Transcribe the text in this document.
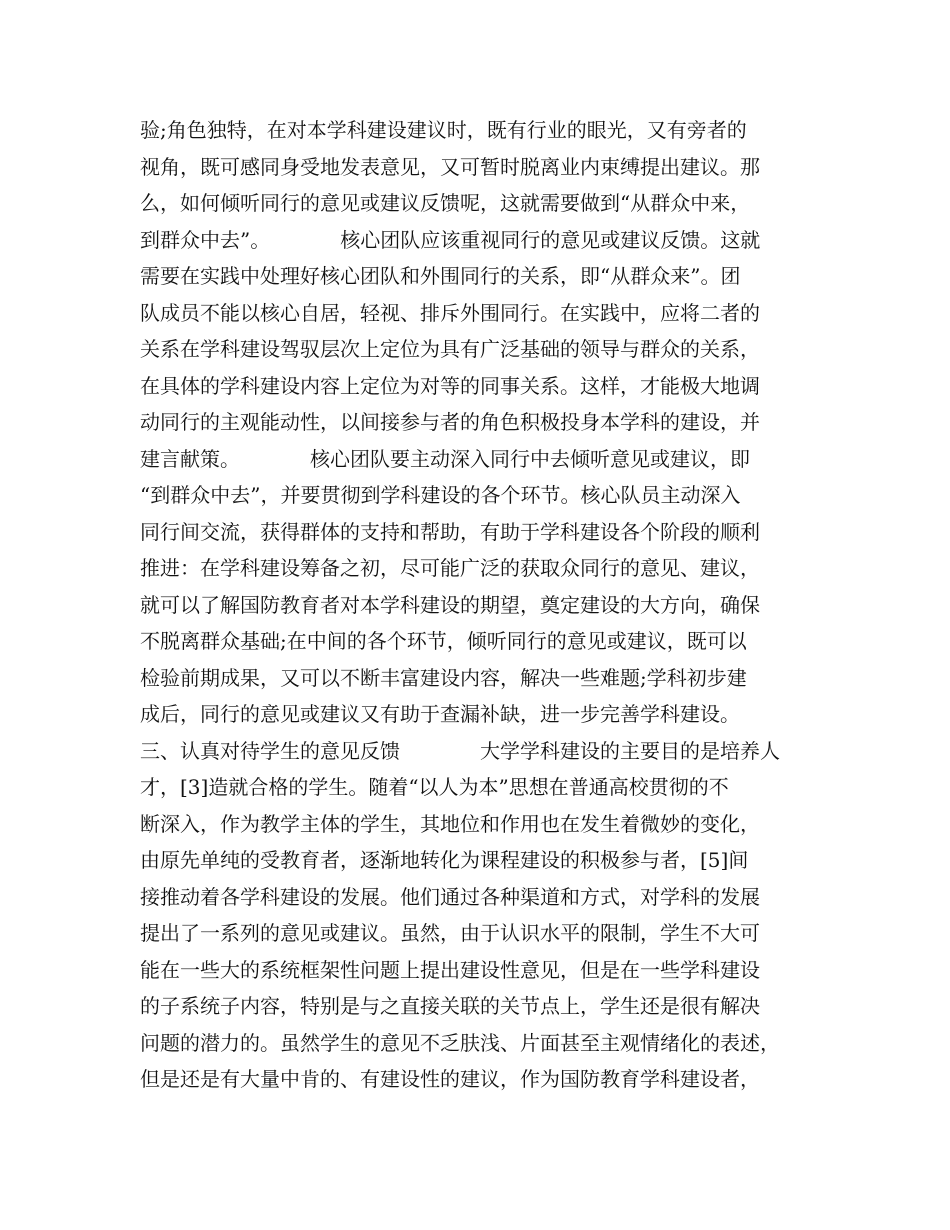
验;角色独特，在对本学科建设建议时，既有行业的眼光，又有旁者的
视角，既可感同身受地发表意见，又可暂时脱离业内束缚提出建议。那
么，如何倾听同行的意见或建议反馈呢，这就需要做到“从群众中来，
到群众中去”。　　　　核心团队应该重视同行的意见或建议反馈。这就
需要在实践中处理好核心团队和外围同行的关系，即“从群众来”。团
队成员不能以核心自居，轻视、排斥外围同行。在实践中，应将二者的
关系在学科建设驾驭层次上定位为具有广泛基础的领导与群众的关系，
在具体的学科建设内容上定位为对等的同事关系。这样，才能极大地调
动同行的主观能动性，以间接参与者的角色积极投身本学科的建设，并
建言献策。　　　　核心团队要主动深入同行中去倾听意见或建议，即
“到群众中去”，并要贯彻到学科建设的各个环节。核心队员主动深入
同行间交流，获得群体的支持和帮助，有助于学科建设各个阶段的顺利
推进：在学科建设筹备之初，尽可能广泛的获取众同行的意见、建议，
就可以了解国防教育者对本学科建设的期望，奠定建设的大方向，确保
不脱离群众基础;在中间的各个环节，倾听同行的意见或建议，既可以
检验前期成果，又可以不断丰富建设内容，解决一些难题;学科初步建
成后，同行的意见或建议又有助于查漏补缺，进一步完善学科建设。
三、认真对待学生的意见反馈　　　　大学学科建设的主要目的是培养人
才，[3]造就合格的学生。随着“以人为本”思想在普通高校贯彻的不
断深入，作为教学主体的学生，其地位和作用也在发生着微妙的变化，
由原先单纯的受教育者，逐渐地转化为课程建设的积极参与者，[5]间
接推动着各学科建设的发展。他们通过各种渠道和方式，对学科的发展
提出了一系列的意见或建议。虽然，由于认识水平的限制，学生不大可
能在一些大的系统框架性问题上提出建设性意见，但是在一些学科建设
的子系统子内容，特别是与之直接关联的关节点上，学生还是很有解决
问题的潜力的。虽然学生的意见不乏肤浅、片面甚至主观情绪化的表述，
但是还是有大量中肯的、有建设性的建议，作为国防教育学科建设者，
